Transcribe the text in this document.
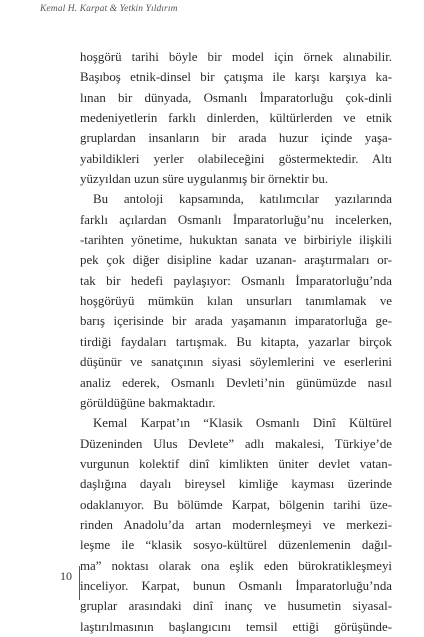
Kemal H. Karpat & Yetkin Yıldırım

hoşgörü tarihi böyle bir model için örnek alınabilir.
Başıboş etnik-dinsel bir çatışma ile karşı karşıya ka-
lınan bir dünyada, Osmanlı İmparatorluğu çok-dinli
medeniyetlerin farklı dinlerden, kültürlerden ve etnik
gruplardan insanların bir arada huzur içinde yaşa-
yabildikleri yerler olabileceğini göstermektedir. Altı
yüzyıldan uzun süre uygulanmış bir örnektir bu.

Bu antoloji kapsamında, katılımcılar yazılarında
farklı açılardan Osmanlı İmparatorluğu’nu incelerken,
-tarihten yönetime, hukuktan sanata ve birbiriyle ilişkili
pek çok diğer disipline kadar uzanan- araştırmaları or-
tak bir hedefi paylaşıyor: Osmanlı İmparatorluğu’nda
hoşgörüyü mümkün kılan unsurları tanımlamak ve
barış içerisinde bir arada yaşamanın imparatorluğa ge-
tirdiği faydaları tartışmak. Bu kitapta, yazarlar birçok
düşünür ve sanatçının siyasi söylemlerini ve eserlerini
analiz ederek, Osmanlı Devleti’nin günümüzde nasıl
görüldüğüne bakmaktadır.

Kemal Karpat’ın “Klasik Osmanlı Dinî Kültürel
Düzeninden Ulus Devlete” adlı makalesi, Türkiye’de
vurgunun kolektif dinî kimlikten üniter devlet vatan-
daşlığına dayalı bireysel kimliğe kayması üzerinde
odaklanıyor. Bu bölümde Karpat, bölgenin tarihi üze-
rinden Anadolu’da artan modernleşmeyi ve merkezi-
leşme ile “klasik sosyo-kültürel düzenlemenin dağıl-
ma” noktası olarak ona eşlik eden bürokratikleşmeyi
inceliyor. Karpat, bunun Osmanlı İmparatorluğu’nda
gruplar arasındaki dinî inanç ve husumetin siyasal-
laştırılmasının başlangıcını temsil ettiği görüşünde-

10
